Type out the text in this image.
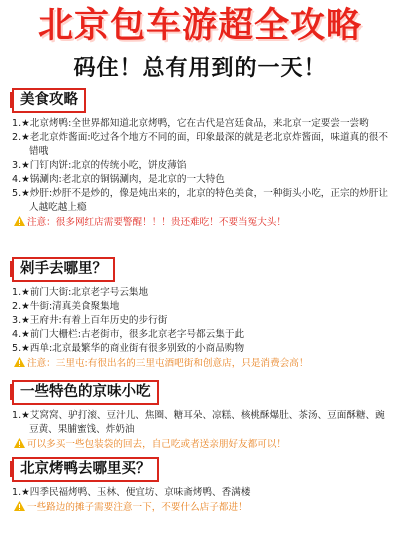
北京包车游超全攻略
码住！总有用到的一天！
美食攻略
1.★北京烤鸭:全世界都知道北京烤鸭，它在古代是宫廷食品，来北京一定要尝一尝哟
2.★老北京炸酱面:吃过各个地方不同的面，印象最深的就是老北京炸酱面，味道真的很不错哦
3.★门钉肉饼:北京的传统小吃，饼皮薄馅
4.★锅涮肉:老北京的铜锅涮肉，是北京的一大特色
5.★炒肝:炒肝不是炒的，像是炖出来的，北京的特色美食，一种街头小吃，正宗的炒肝让人越吃越上瘾
注意：很多网红店需要警醒！！！贵还难吃！不要当冤大头！
剁手去哪里？
1.★前门大街:北京老字号云集地
2.★牛街:清真美食聚集地
3.★王府井:有着上百年历史的步行街
4.★前门大栅栏:古老街市，很多北京老字号都云集于此
5.★西单:北京最繁华的商业街有很多别致的小商品购物
注意：三里屯:有很出名的三里屯酒吧街和创意店，只是消费会高！
一些特色的京味小吃
1.★艾窝窝、驴打滚、豆汁儿、焦圈、糖耳朵、凉糕、核桃酥爆肚、茶汤、豆面酥糖、豌豆黄、果脯蜜饯、炸奶油
可以多买一些包装袋的回去，自己吃或者送亲朋好友都可以！
北京烤鸭去哪里买？
1.★四季民福烤鸭、玉林、便宜坊、京味斋烤鸭、香满楼
一些路边的摊子需要注意一下，不要什么店子都进！
